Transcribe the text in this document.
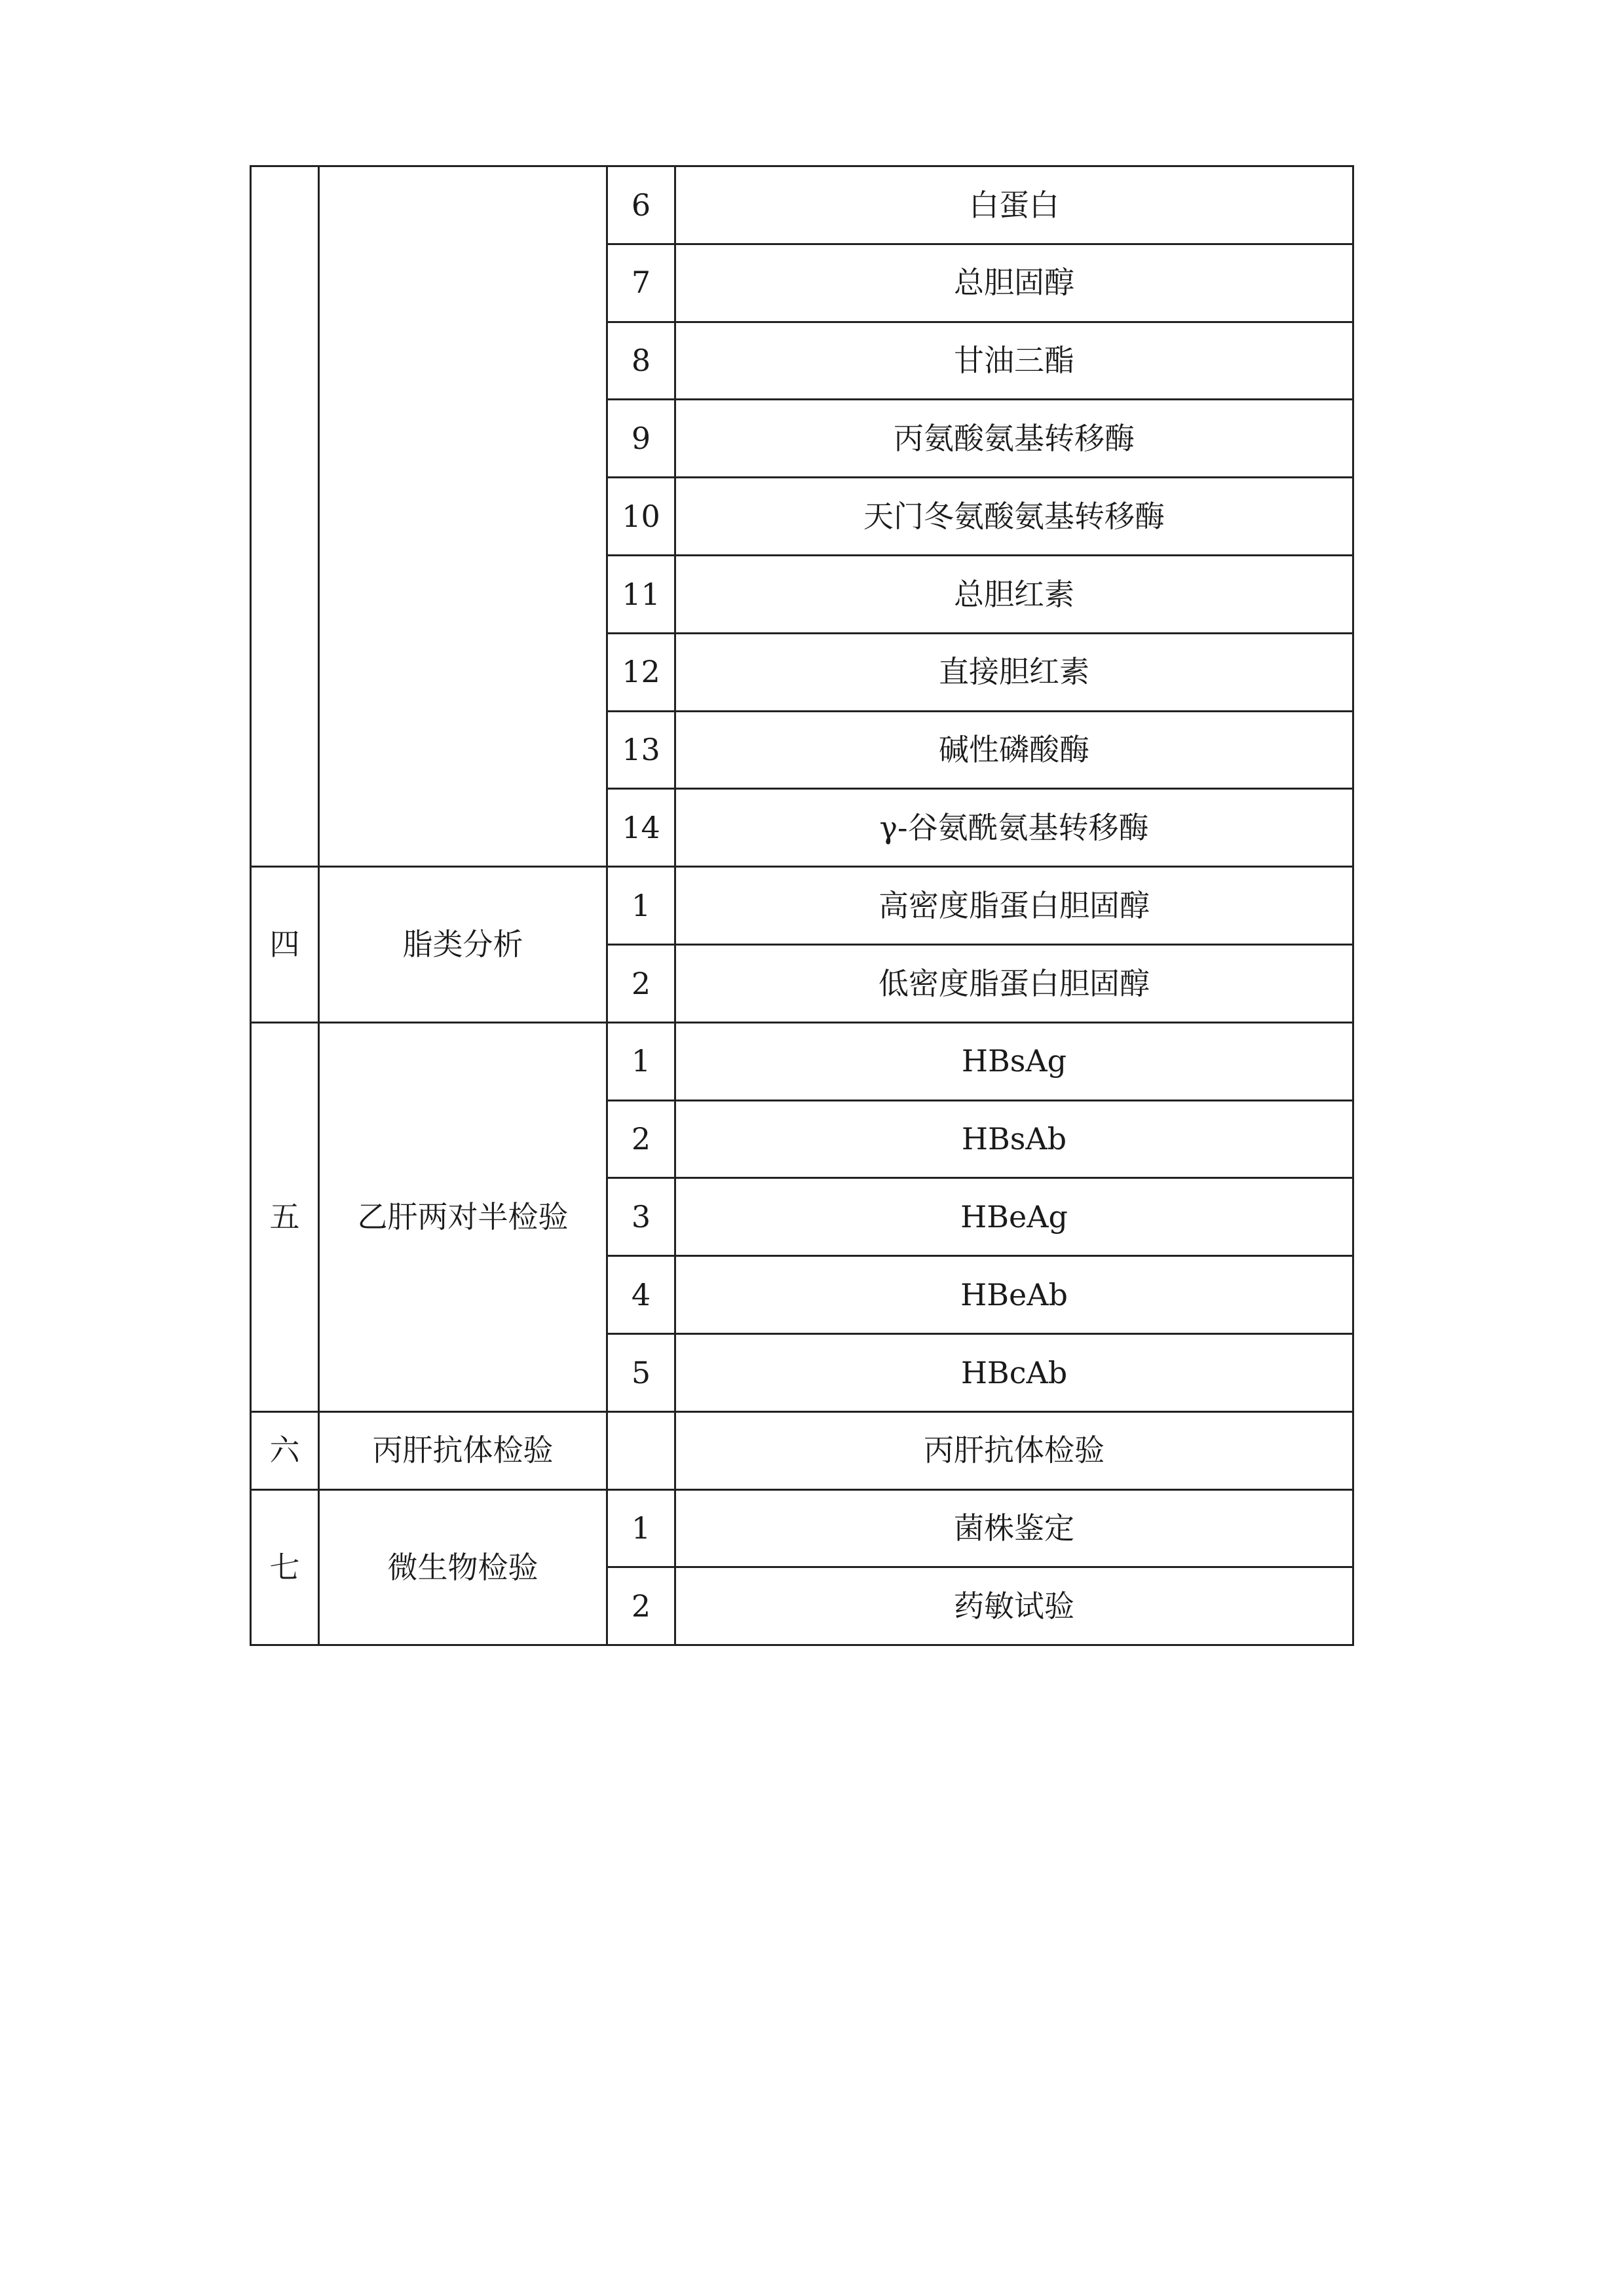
		6	白蛋白
		7	总胆固醇
		8	甘油三酯
		9	丙氨酸氨基转移酶
		10	天门冬氨酸氨基转移酶
		11	总胆红素
		12	直接胆红素
		13	碱性磷酸酶
		14	γ-谷氨酰氨基转移酶
四	脂类分析	1	高密度脂蛋白胆固醇
		2	低密度脂蛋白胆固醇
五	乙肝两对半检验	1	HBsAg
		2	HBsAb
		3	HBeAg
		4	HBeAb
		5	HBcAb
六	丙肝抗体检验		丙肝抗体检验
七	微生物检验	1	菌株鉴定
		2	药敏试验
